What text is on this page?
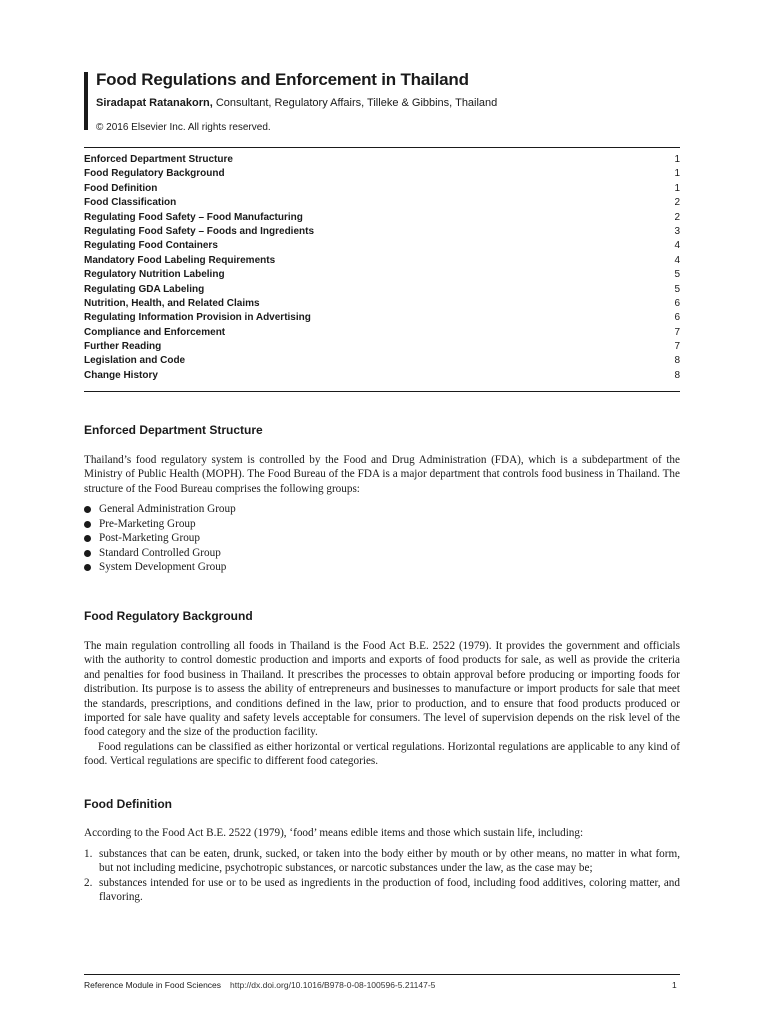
Food Regulations and Enforcement in Thailand
Siradapat Ratanakorn, Consultant, Regulatory Affairs, Tilleke & Gibbins, Thailand
© 2016 Elsevier Inc. All rights reserved.
Enforced Department Structure	1
Food Regulatory Background	1
Food Definition	1
Food Classification	2
Regulating Food Safety – Food Manufacturing	2
Regulating Food Safety – Foods and Ingredients	3
Regulating Food Containers	4
Mandatory Food Labeling Requirements	4
Regulatory Nutrition Labeling	5
Regulating GDA Labeling	5
Nutrition, Health, and Related Claims	6
Regulating Information Provision in Advertising	6
Compliance and Enforcement	7
Further Reading	7
Legislation and Code	8
Change History	8
Enforced Department Structure

Thailand’s food regulatory system is controlled by the Food and Drug Administration (FDA), which is a subdepartment of the Ministry of Public Health (MOPH). The Food Bureau of the FDA is a major department that controls food business in Thailand. The structure of the Food Bureau comprises the following groups:

General Administration Group
Pre-Marketing Group
Post-Marketing Group
Standard Controlled Group
System Development Group
Food Regulatory Background

The main regulation controlling all foods in Thailand is the Food Act B.E. 2522 (1979). It provides the government and officials with the authority to control domestic production and imports and exports of food products for sale, as well as provide the criteria and penalties for food business in Thailand. It prescribes the processes to obtain approval before producing or importing foods for distribution. Its purpose is to assess the ability of entrepreneurs and businesses to manufacture or import products for sale that meet the standards, prescriptions, and conditions defined in the law, prior to production, and to ensure that food products produced or imported for sale have quality and safety levels acceptable for consumers. The level of supervision depends on the risk level of the food category and the size of the production facility.

Food regulations can be classified as either horizontal or vertical regulations. Horizontal regulations are applicable to any kind of food. Vertical regulations are specific to different food categories.

Food Definition

According to the Food Act B.E. 2522 (1979), ‘food’ means edible items and those which sustain life, including:

1. substances that can be eaten, drunk, sucked, or taken into the body either by mouth or by other means, no matter in what form, but not including medicine, psychotropic substances, or narcotic substances under the law, as the case may be;
2. substances intended for use or to be used as ingredients in the production of food, including food additives, coloring matter, and flavoring.
Reference Module in Food Sciences http://dx.doi.org/10.1016/B978-0-08-100596-5.21147-5	1
